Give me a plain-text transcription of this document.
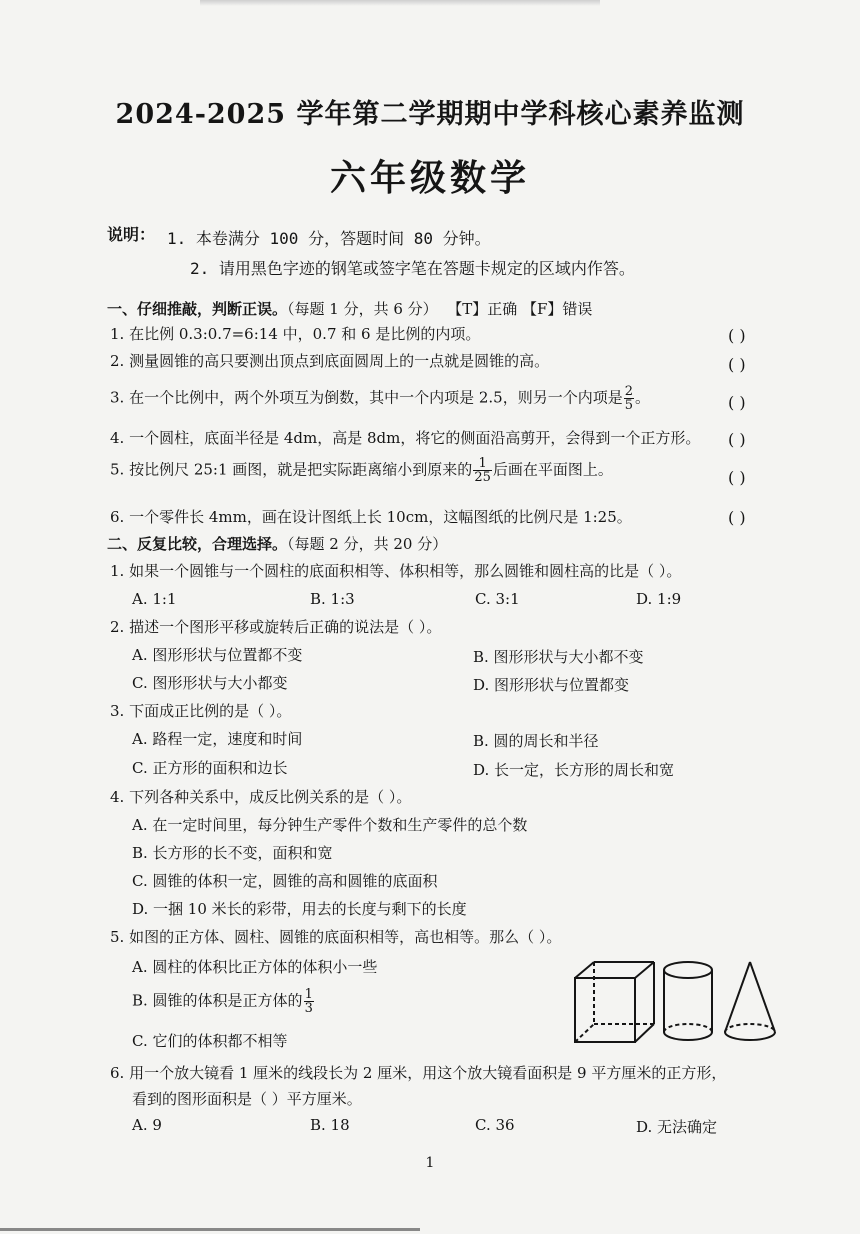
2024-2025 学年第二学期期中学科核心素养监测
六年级数学
说明： 1. 本卷满分 100 分，答题时间 80 分钟。
2. 请用黑色字迹的钢笔或签字笔在答题卡规定的区域内作答。
一、仔细推敲，判断正误。（每题 1 分，共 6 分） 【T】正确 【F】错误
1. 在比例 0.3:0.7=6:14 中，0.7 和 6 是比例的内项。	( )
2. 测量圆锥的高只要测出顶点到底面圆周上的一点就是圆锥的高。	( )
3. 在一个比例中，两个外项互为倒数，其中一个内项是 2.5，则另一个内项是 $\frac{2}{5}$ 。	( )
4. 一个圆柱，底面半径是 4dm，高是 8dm，将它的侧面沿高剪开，会得到一个正方形。 ( )
5. 按比例尺 25:1 画图，就是把实际距离缩小到原来的 $\frac{1}{25}$ 后画在平面图上。	( )
6. 一个零件长 4mm，画在设计图纸上长 10cm，这幅图纸的比例尺是 1:25。	( )
二、反复比较，合理选择。（每题 2 分，共 20 分）
1. 如果一个圆锥与一个圆柱的底面积相等、体积相等，那么圆锥和圆柱高的比是（ ）。
A. 1:1	B. 1:3	C. 3:1	D. 1:9
2. 描述一个图形平移或旋转后正确的说法是（ ）。
A. 图形形状与位置都不变	B. 图形形状与大小都不变
C. 图形形状与大小都变	D. 图形形状与位置都变
3. 下面成正比例的是（ ）。
A. 路程一定，速度和时间	B. 圆的周长和半径
C. 正方形的面积和边长	D. 长一定，长方形的周长和宽
4. 下列各种关系中，成反比例关系的是（ ）。
A. 在一定时间里，每分钟生产零件个数和生产零件的总个数
B. 长方形的长不变，面积和宽
C. 圆锥的体积一定，圆锥的高和圆锥的底面积
D. 一捆 10 米长的彩带，用去的长度与剩下的长度
5. 如图的正方体、圆柱、圆锥的底面积相等，高也相等。那么（ ）。
A. 圆柱的体积比正方体的体积小一些
B. 圆锥的体积是正方体的 $\frac{1}{3}$
C. 它们的体积都不相等
6. 用一个放大镜看 1 厘米的线段长为 2 厘米，用这个放大镜看面积是 9 平方厘米的正方形，
看到的图形面积是（ ）平方厘米。
A. 9	B. 18	C. 36	D. 无法确定
1
